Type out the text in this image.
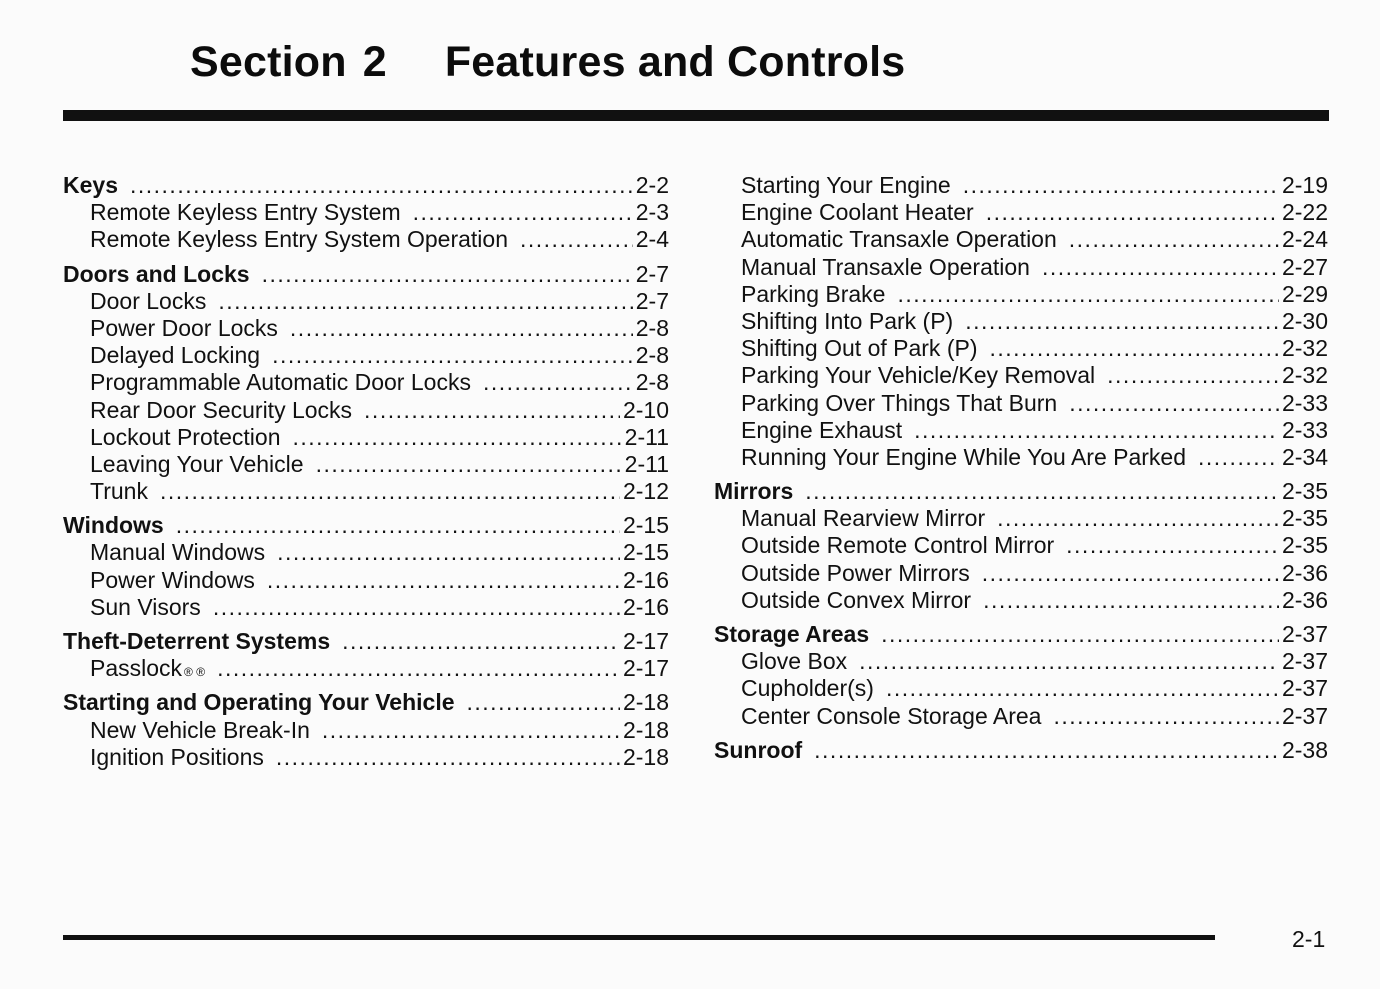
Section 2 Features and Controls
Keys .....	2-2
Remote Keyless Entry System .....	2-3
Remote Keyless Entry System Operation .....	2-4
Doors and Locks .....	2-7
Door Locks .....	2-7
Power Door Locks .....	2-8
Delayed Locking .....	2-8
Programmable Automatic Door Locks .....	2-8
Rear Door Security Locks .....	2-10
Lockout Protection .....	2-11
Leaving Your Vehicle .....	2-11
Trunk .....	2-12
Windows .....	2-15
Manual Windows .....	2-15
Power Windows .....	2-16
Sun Visors .....	2-16
Theft-Deterrent Systems .....	2-17
Passlock ® ® .....	2-17
Starting and Operating Your Vehicle .....	2-18
New Vehicle Break-In .....	2-18
Ignition Positions .....	2-18
Starting Your Engine .....	2-19
Engine Coolant Heater .....	2-22
Automatic Transaxle Operation .....	2-24
Manual Transaxle Operation .....	2-27
Parking Brake .....	2-29
Shifting Into Park (P) .....	2-30
Shifting Out of Park (P) .....	2-32
Parking Your Vehicle/Key Removal .....	2-32
Parking Over Things That Burn .....	2-33
Engine Exhaust .....	2-33
Running Your Engine While You Are Parked .....	2-34
Mirrors .....	2-35
Manual Rearview Mirror .....	2-35
Outside Remote Control Mirror .....	2-35
Outside Power Mirrors .....	2-36
Outside Convex Mirror .....	2-36
Storage Areas .....	2-37
Glove Box .....	2-37
Cupholder(s) .....	2-37
Center Console Storage Area .....	2-37
Sunroof .....	2-38
2-1
